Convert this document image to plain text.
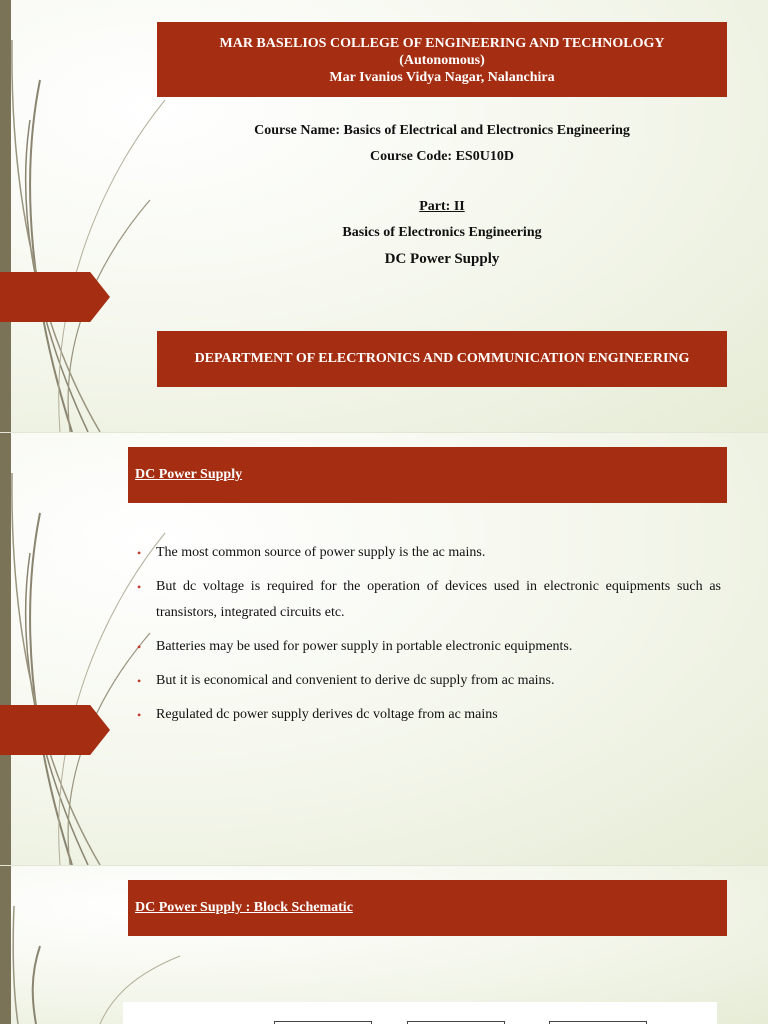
MAR BASELIOS COLLEGE OF ENGINEERING AND TECHNOLOGY
(Autonomous)
Mar Ivanios Vidya Nagar, Nalanchira
Course Name: Basics of Electrical and Electronics Engineering
Course Code: ES0U10D
Part: II
Basics of Electronics Engineering
DC Power Supply
DEPARTMENT OF ELECTRONICS AND COMMUNICATION ENGINEERING
DC Power Supply
• The most common source of power supply is the ac mains.
• But dc voltage is required for the operation of devices used in electronic equipments such as transistors, integrated circuits etc.
• Batteries may be used for power supply in portable electronic equipments.
• But it is economical and convenient to derive dc supply from ac mains.
• Regulated dc power supply derives dc voltage from ac mains
DC Power Supply : Block Schematic
